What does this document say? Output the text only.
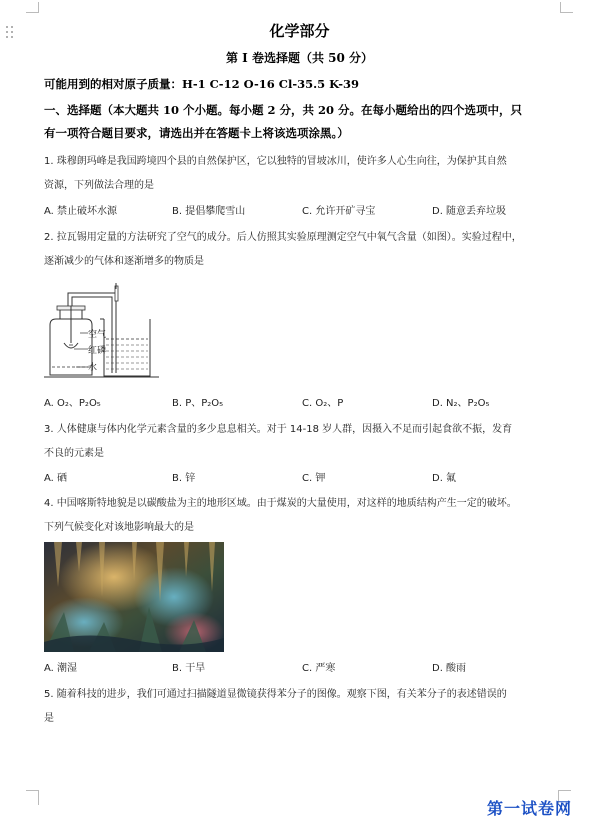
化学部分
第 I 卷选择题（共 50 分）
可能用到的相对原子质量：H-1 C-12 O-16 Cl-35.5 K-39
一、选择题（本大题共 10 个小题。每小题 2 分，共 20 分。在每小题给出的四个选项中，只
有一项符合题目要求，请选出并在答题卡上将该选项涂黑。）
1. 珠穆朗玛峰是我国跨境四个县的自然保护区，它以独特的冒坡冰川，使许多人心生向往，为保护其自然
资源，下列做法合理的是
A. 禁止破坏水源	B. 提倡攀爬雪山	C. 允许开矿寻宝	D. 随意丢弃垃圾
2. 拉瓦锡用定量的方法研究了空气的成分。后人仿照其实验原理测定空气中氧气含量（如图）。实验过程中，
逐渐减少的气体和逐渐增多的物质是
空气
红磷
水
A. O₂、P₂O₅	B. P、P₂O₅	C. O₂、P	D. N₂、P₂O₅
3. 人体健康与体内化学元素含量的多少息息相关。对于 14-18 岁人群，因摄入不足而引起食欲不振，发育
不良的元素是
A. 硒	B. 锌	C. 钾	D. 氟
4. 中国喀斯特地貌是以碳酸盐为主的地形区域。由于煤炭的大量使用，对这样的地质结构产生一定的破坏。
下列气候变化对该地影响最大的是
A. 潮湿	B. 干旱	C. 严寒	D. 酸雨
5. 随着科技的进步，我们可通过扫描隧道显微镜获得苯分子的图像。观察下图，有关苯分子的表述错误的
是
第一试卷网
